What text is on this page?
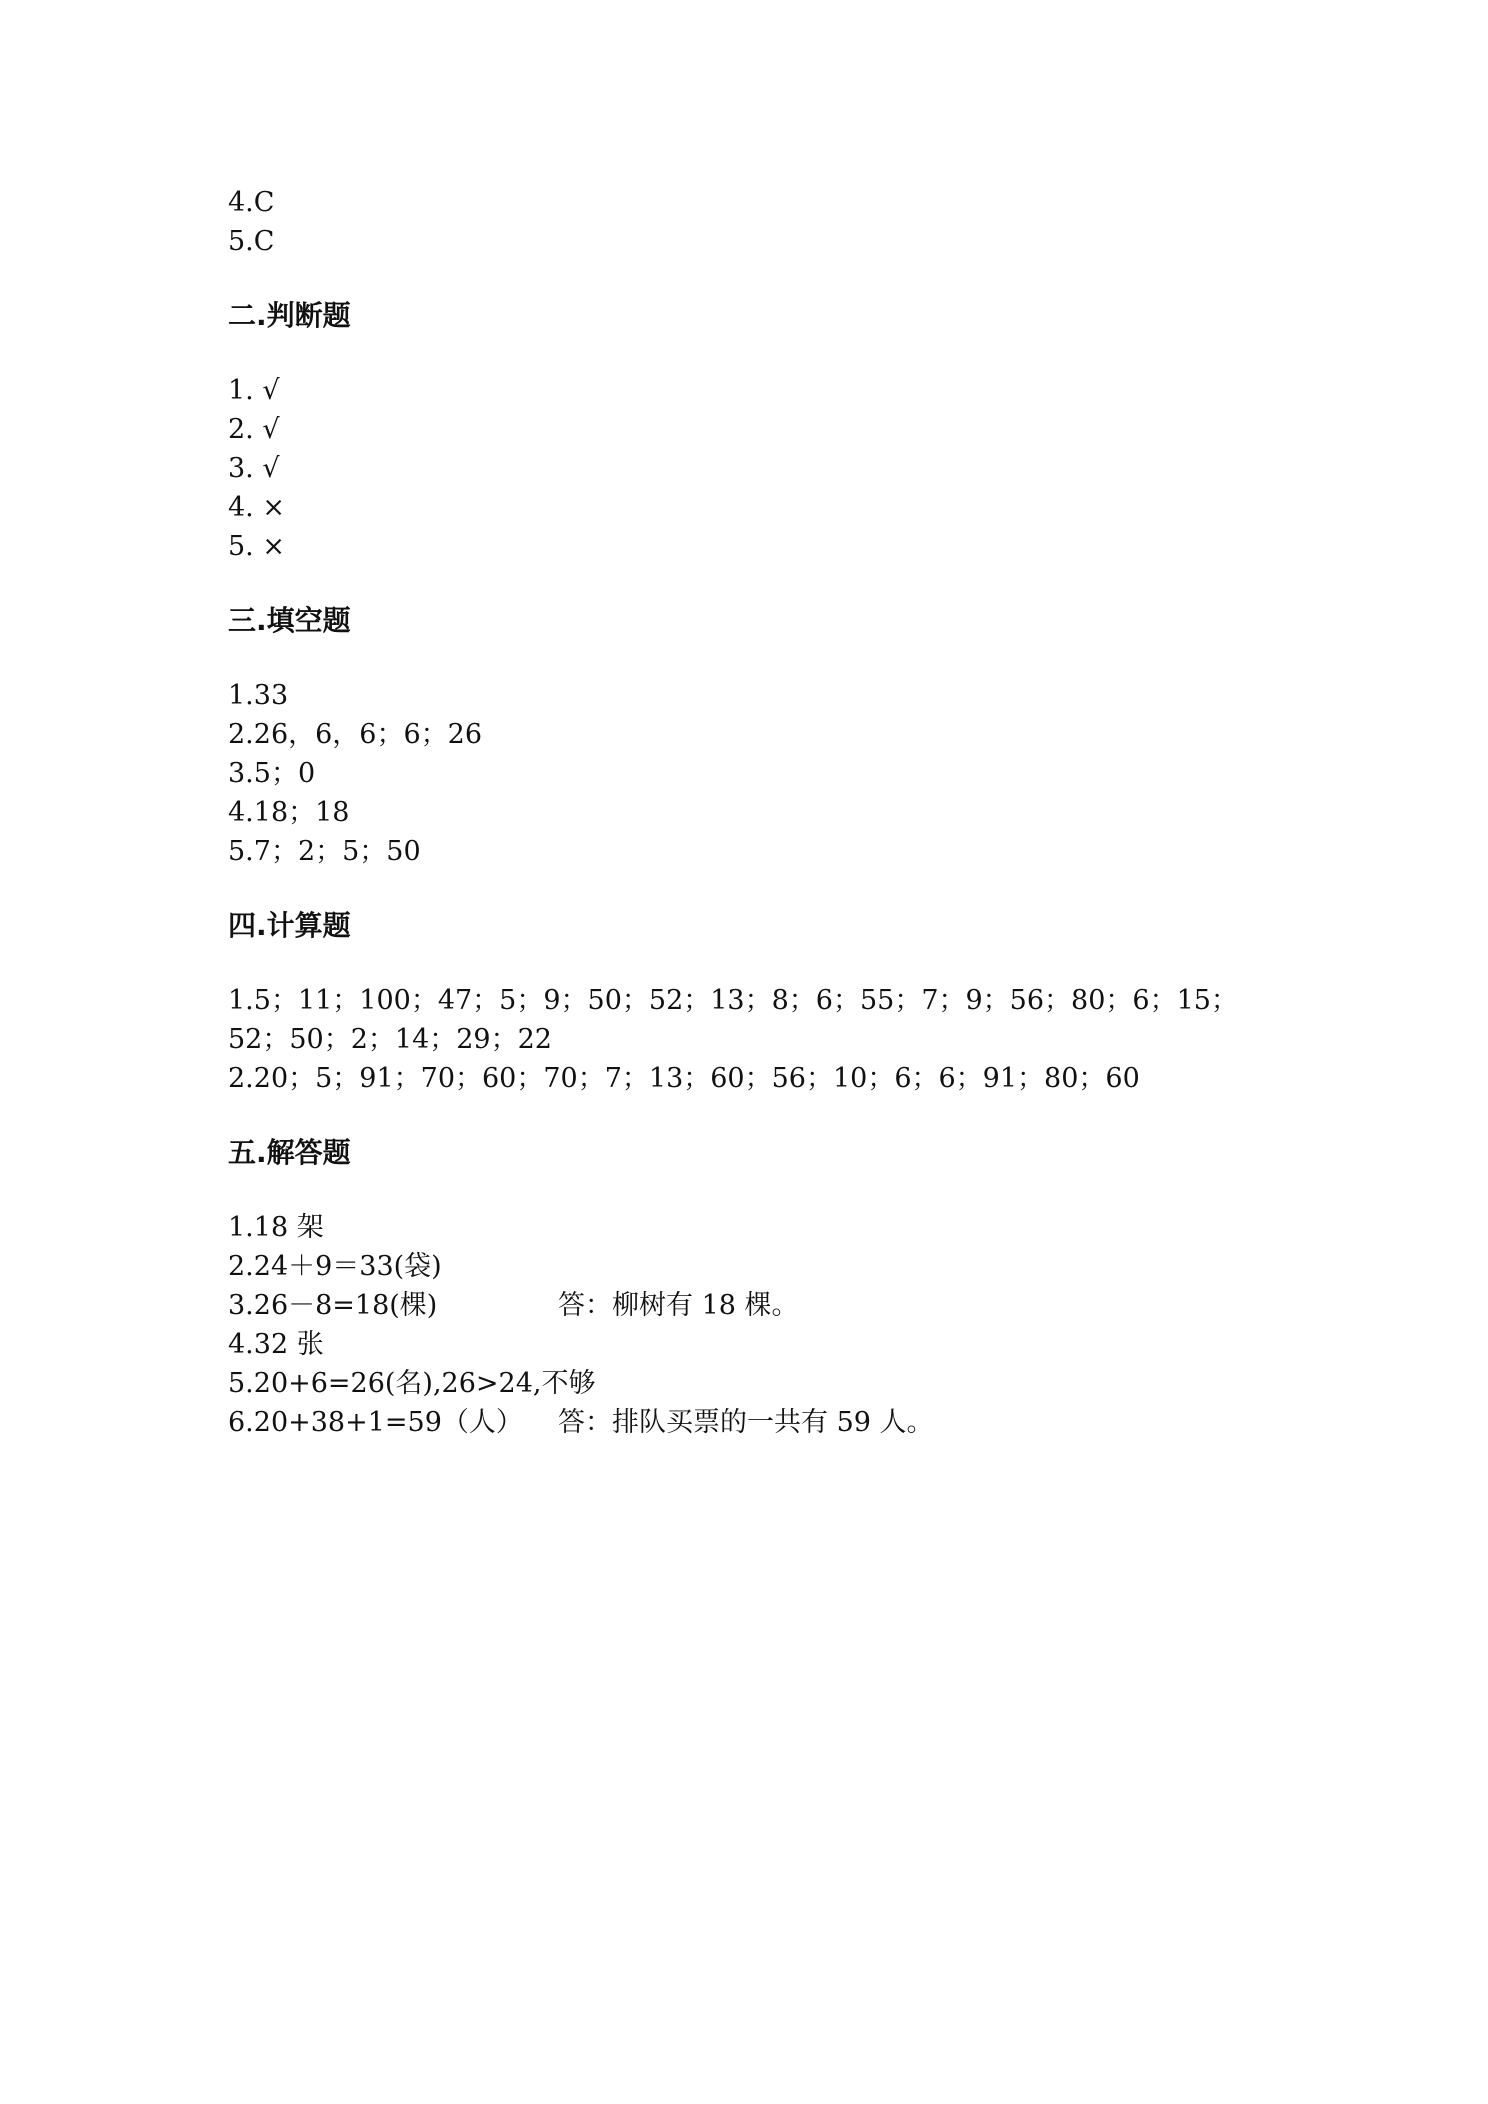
4.C
5.C
二.判断题
1. √
2. √
3. √
4. ×
5. ×
三.填空题
1.33
2.26，6，6；6；26
3.5；0
4.18；18
5.7；2；5；50
四.计算题
1.5；11；100；47；5；9；50；52；13；8；6；55；7；9；56；80；6；15；
52；50；2；14；29；22
2.20；5；91；70；60；70；7；13；60；56；10；6；6；91；80；60
五.解答题
1.18 架
2.24＋9＝33(袋)
3.26－8=18(棵)	答：柳树有 18 棵。
4.32 张
5.20+6=26(名),26>24,不够
6.20+38+1=59（人） 答：排队买票的一共有 59 人。
